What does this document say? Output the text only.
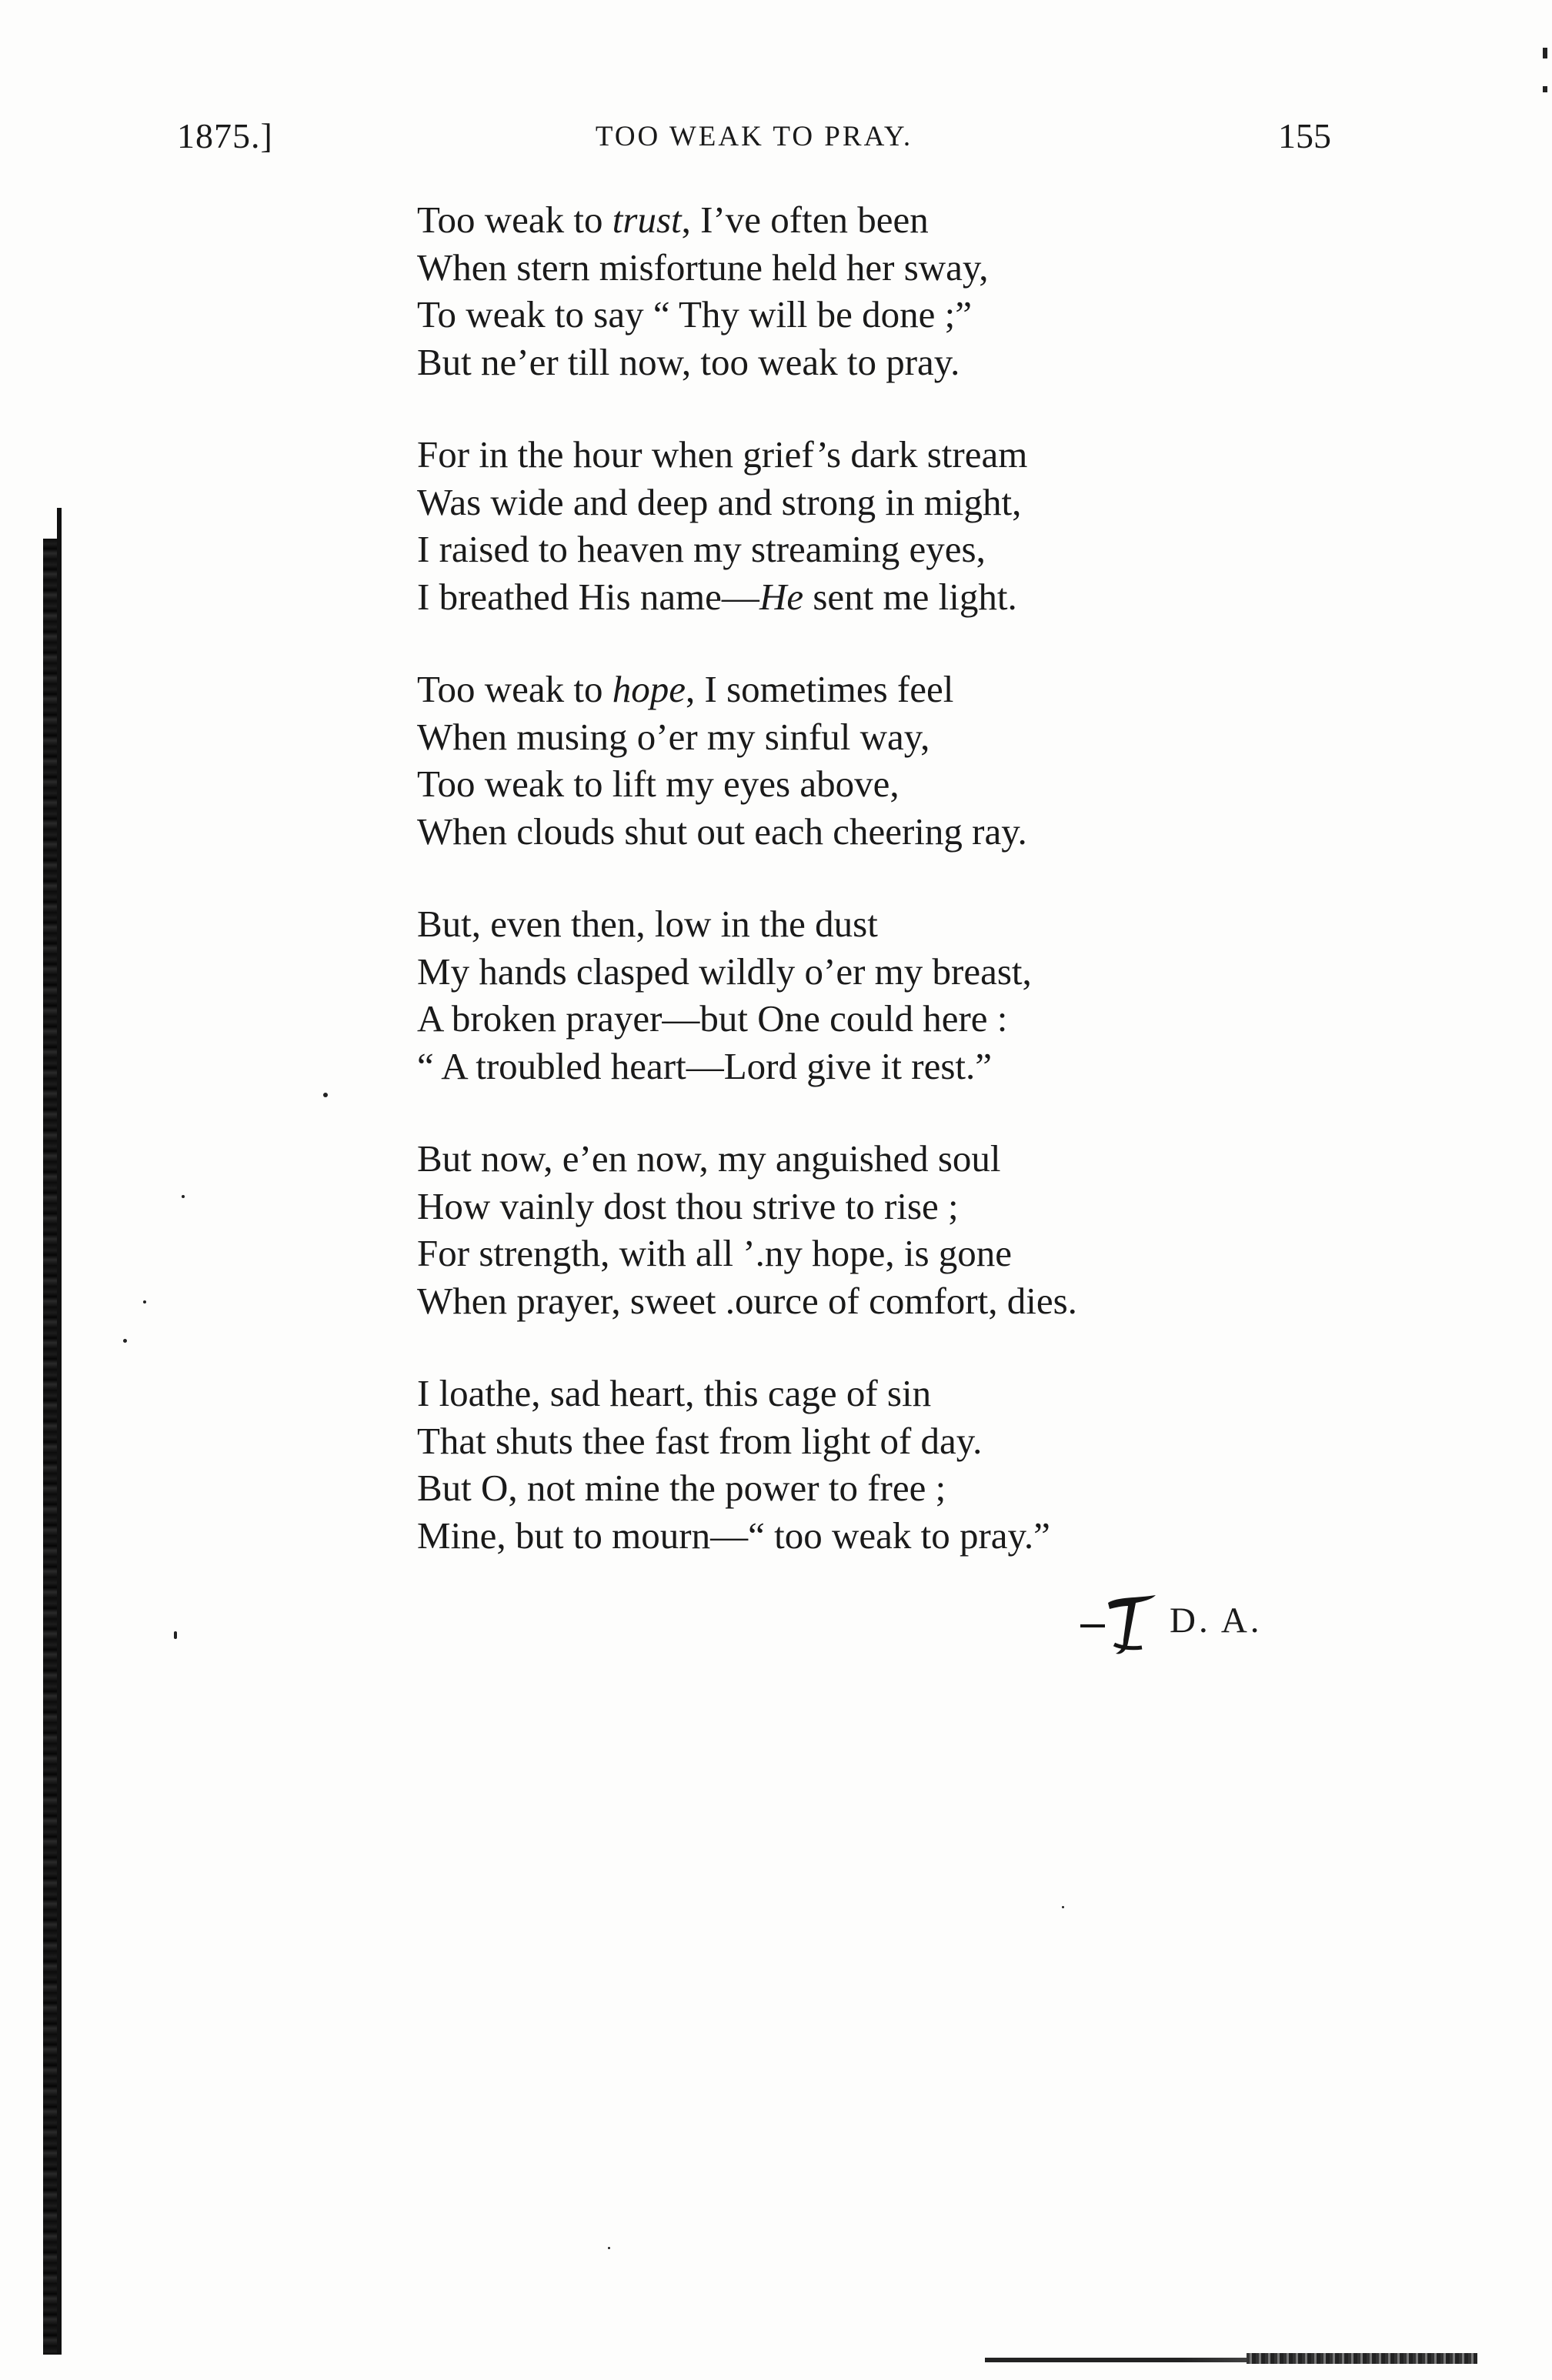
1875.]	TOO WEAK TO PRAY.	155
Too weak to trust, I’ve often been
When stern misfortune held her sway,
To weak to say “ Thy will be done ;”
But ne’er till now, too weak to pray.
For in the hour when grief’s dark stream
Was wide and deep and strong in might,
I raised to heaven my streaming eyes,
I breathed His name—He sent me light.
Too weak to hope, I sometimes feel
When musing o’er my sinful way,
Too weak to lift my eyes above,
When clouds shut out each cheering ray.
But, even then, low in the dust
My hands clasped wildly o’er my breast,
A broken prayer—but One could here :
“ A troubled heart—Lord give it rest.”
But now, e’en now, my anguished soul
How vainly dost thou strive to rise ;
For strength, with all ’.ny hope, is gone
When prayer, sweet .ource of comfort, dies.
I loathe, sad heart, this cage of sin
That shuts thee fast from light of day.
But O, not mine the power to free ;
Mine, but to mourn—“ too weak to pray.”
D. A.
